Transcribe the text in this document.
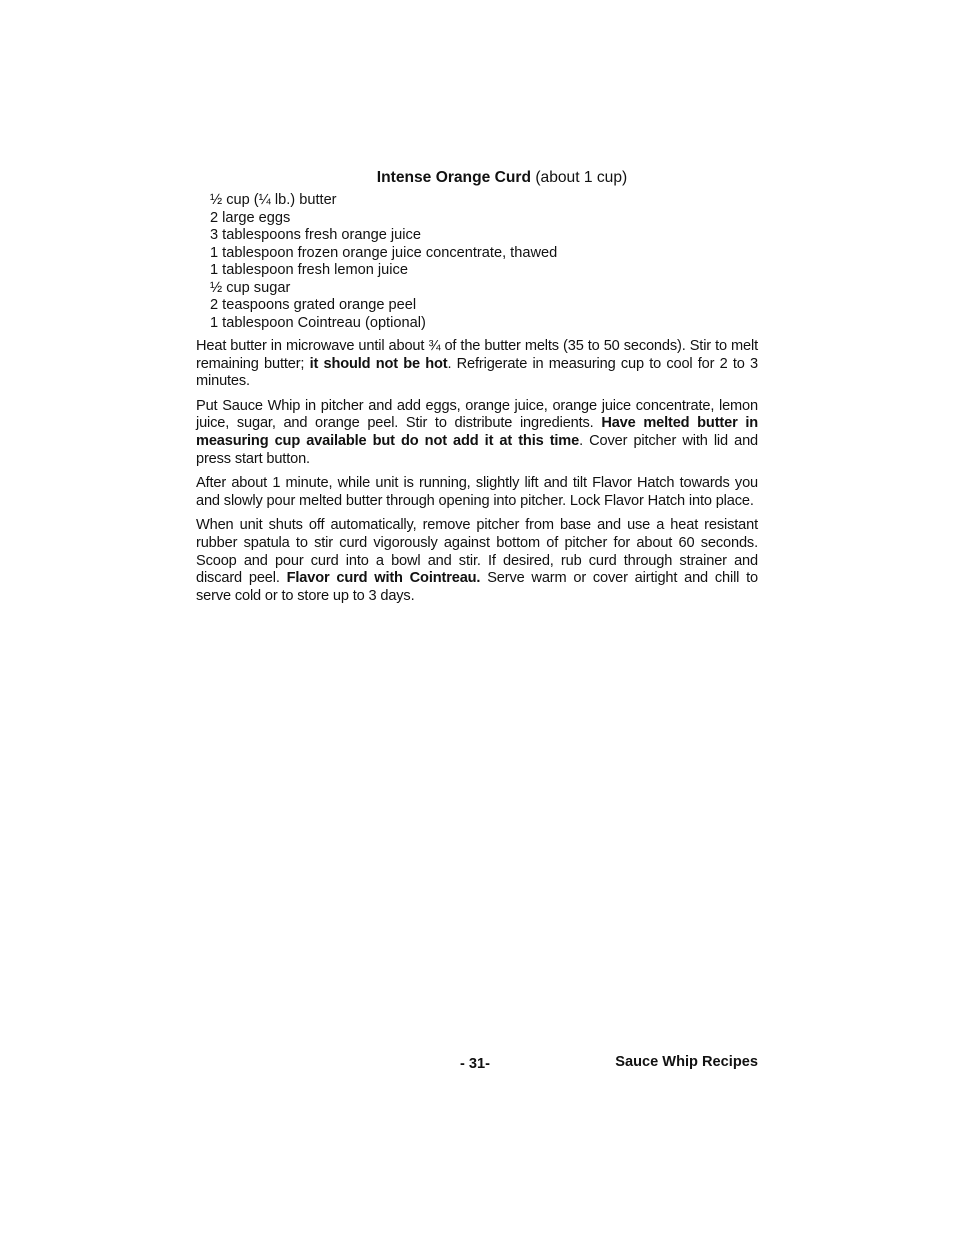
Intense Orange Curd (about 1 cup)
½ cup (¼ lb.) butter
2 large eggs
3 tablespoons fresh orange juice
1 tablespoon frozen orange juice concentrate, thawed
1 tablespoon fresh lemon juice
½ cup sugar
2 teaspoons grated orange peel
1 tablespoon Cointreau (optional)

Heat butter in microwave until about ¾ of the butter melts (35 to 50 seconds). Stir to melt remaining butter; it should not be hot. Refrigerate in measuring cup to cool for 2 to 3 minutes.

Put Sauce Whip in pitcher and add eggs, orange juice, orange juice concentrate, lemon juice, sugar, and orange peel. Stir to distribute ingredients. Have melted butter in measuring cup available but do not add it at this time. Cover pitcher with lid and press start button.

After about 1 minute, while unit is running, slightly lift and tilt Flavor Hatch towards you and slowly pour melted butter through opening into pitcher. Lock Flavor Hatch into place.

When unit shuts off automatically, remove pitcher from base and use a heat resistant rubber spatula to stir curd vigorously against bottom of pitcher for about 60 seconds. Scoop and pour curd into a bowl and stir. If desired, rub curd through strainer and discard peel. Flavor curd with Cointreau. Serve warm or cover airtight and chill to serve cold or to store up to 3 days.

- 31-	Sauce Whip Recipes
